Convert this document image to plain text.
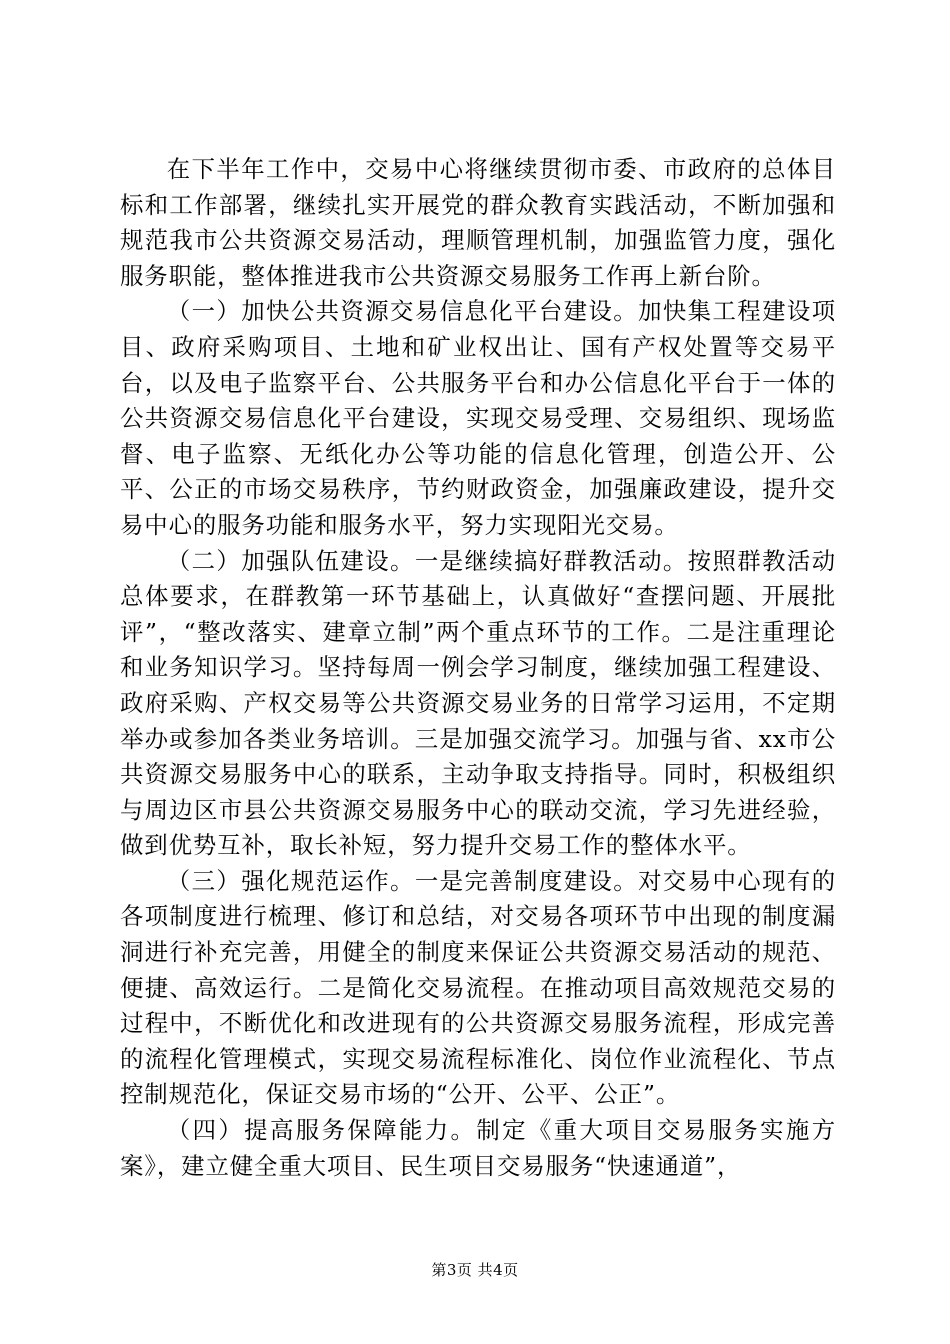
在下半年工作中，交易中心将继续贯彻市委、市政府的总体目标和工作部署，继续扎实开展党的群众教育实践活动，不断加强和规范我市公共资源交易活动，理顺管理机制，加强监管力度，强化服务职能，整体推进我市公共资源交易服务工作再上新台阶。

（一）加快公共资源交易信息化平台建设。加快集工程建设项目、政府采购项目、土地和矿业权出让、国有产权处置等交易平台，以及电子监察平台、公共服务平台和办公信息化平台于一体的公共资源交易信息化平台建设，实现交易受理、交易组织、现场监督、电子监察、无纸化办公等功能的信息化管理，创造公开、公平、公正的市场交易秩序，节约财政资金，加强廉政建设，提升交易中心的服务功能和服务水平，努力实现阳光交易。

（二）加强队伍建设。一是继续搞好群教活动。按照群教活动总体要求，在群教第一环节基础上，认真做好“查摆问题、开展批评”，“整改落实、建章立制”两个重点环节的工作。二是注重理论和业务知识学习。坚持每周一例会学习制度，继续加强工程建设、政府采购、产权交易等公共资源交易业务的日常学习运用，不定期举办或参加各类业务培训。三是加强交流学习。加强与省、xx市公共资源交易服务中心的联系，主动争取支持指导。同时，积极组织与周边区市县公共资源交易服务中心的联动交流，学习先进经验，做到优势互补，取长补短，努力提升交易工作的整体水平。

（三）强化规范运作。一是完善制度建设。对交易中心现有的各项制度进行梳理、修订和总结，对交易各项环节中出现的制度漏洞进行补充完善，用健全的制度来保证公共资源交易活动的规范、便捷、高效运行。二是简化交易流程。在推动项目高效规范交易的过程中，不断优化和改进现有的公共资源交易服务流程，形成完善的流程化管理模式，实现交易流程标准化、岗位作业流程化、节点控制规范化，保证交易市场的“公开、公平、公正”。

（四）提高服务保障能力。制定《重大项目交易服务实施方案》，建立健全重大项目、民生项目交易服务“快速通道”，

第3页 共4页
